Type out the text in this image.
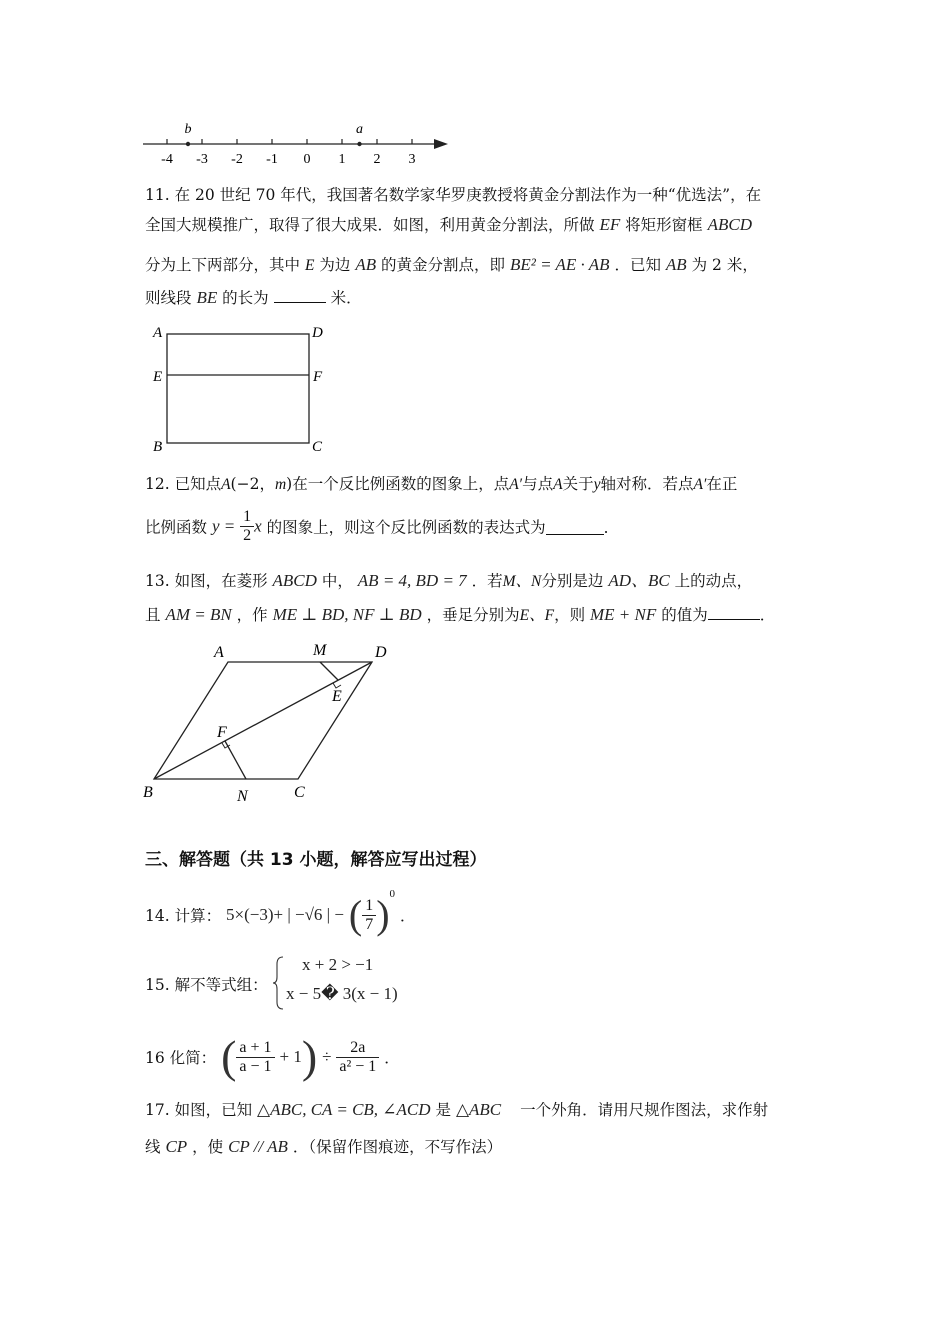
-4 -3 -2 -1 0 1 2 3
b	a
11. 在 20 世纪 70 年代，我国著名数学家华罗庚教授将黄金分割法作为一种“优选法”，在
全国大规模推广，取得了很大成果．如图，利用黄金分割法，所做 EF 将矩形窗框 ABCD
分为上下两部分，其中 E 为边 AB 的黄金分割点，即 BE² = AE · AB ．已知 AB 为 2 米，
则线段 BE 的长为	米．
A	D
E	F
B	C
12. 已知点A(−2，m)在一个反比例函数的图象上，点A′与点A关于y轴对称．若点A′在正
比例函数 $y = \frac{1}{2}$ x 的图象上，则这个反比例函数的表达式为	．
13. 如图，在菱形 ABCD 中， AB = 4, BD = 7 ．若M、N分别是边 AD、BC 上的动点，
且 AM = BN ，作 ME ⊥ BD, NF ⊥ BD ，垂足分别为E、F，则 ME + NF 的值为	．
A	M	D
E
F
B	N	C
三、解答题（共 13 小题，解答应写出过程）
14. 计算： 5×(−3)+ | −√6 | − ( $\frac{1}{7} )^0$ ．
15. 解不等式组：
x + 2 > −1
x − 5� 3(x − 1)
16 化简： ( $\frac{a + 1}{a - 1} + 1) \div \frac{2a}{\text{a² − 1}}$ ．
17. 如图，已知 △ABC, CA = CB, ∠ACD 是 △ABC 一个外角．请用尺规作图法，求作射
线 CP ，使 CP // AB ．（保留作图痕迹，不写作法）
